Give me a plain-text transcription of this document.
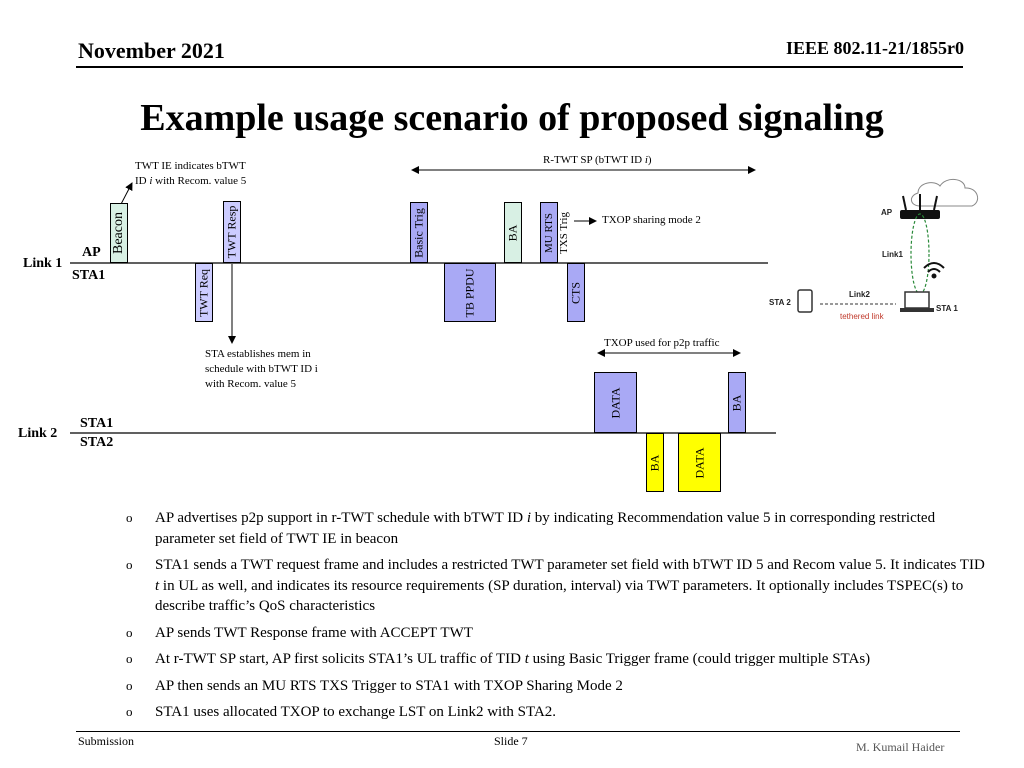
November 2021	IEEE 802.11-21/1855r0
Example usage scenario of proposed signaling
Link 1
Link 2
AP
STA1
STA1
STA2
Beacon	TWT Resp	Basic Trig	BA MU RTS TXS Trig
TWT Req	TB PPDU	CTS
DATA	BA
BA	DATA
TWT IE indicates bTWT
ID i with Recom. value 5
R-TWT SP (bTWT ID i)
TXOP sharing mode 2
STA establishes mem in
schedule with bTWT ID i
with Recom. value 5
TXOP used for p2p traffic
AP
Link1
Link2
STA 2
STA 1
tethered link
o AP advertises p2p support in r-TWT schedule with bTWT ID i by indicating Recommendation value 5 in corresponding restricted parameter set field of TWT IE in beacon
o STA1 sends a TWT request frame and includes a restricted TWT parameter set field with bTWT ID 5 and Recom value 5. It indicates TID t in UL as well, and indicates its resource requirements (SP duration, interval) via TWT parameters. It optionally includes TSPEC(s) to describe traffic’s QoS characteristics
o AP sends TWT Response frame with ACCEPT TWT
o At r-TWT SP start, AP first solicits STA1’s UL traffic of TID t using Basic Trigger frame (could trigger multiple STAs)
o AP then sends an MU RTS TXS Trigger to STA1 with TXOP Sharing Mode 2
o STA1 uses allocated TXOP to exchange LST on Link2 with STA2.
Submission	Slide 7	M. Kumail Haider
